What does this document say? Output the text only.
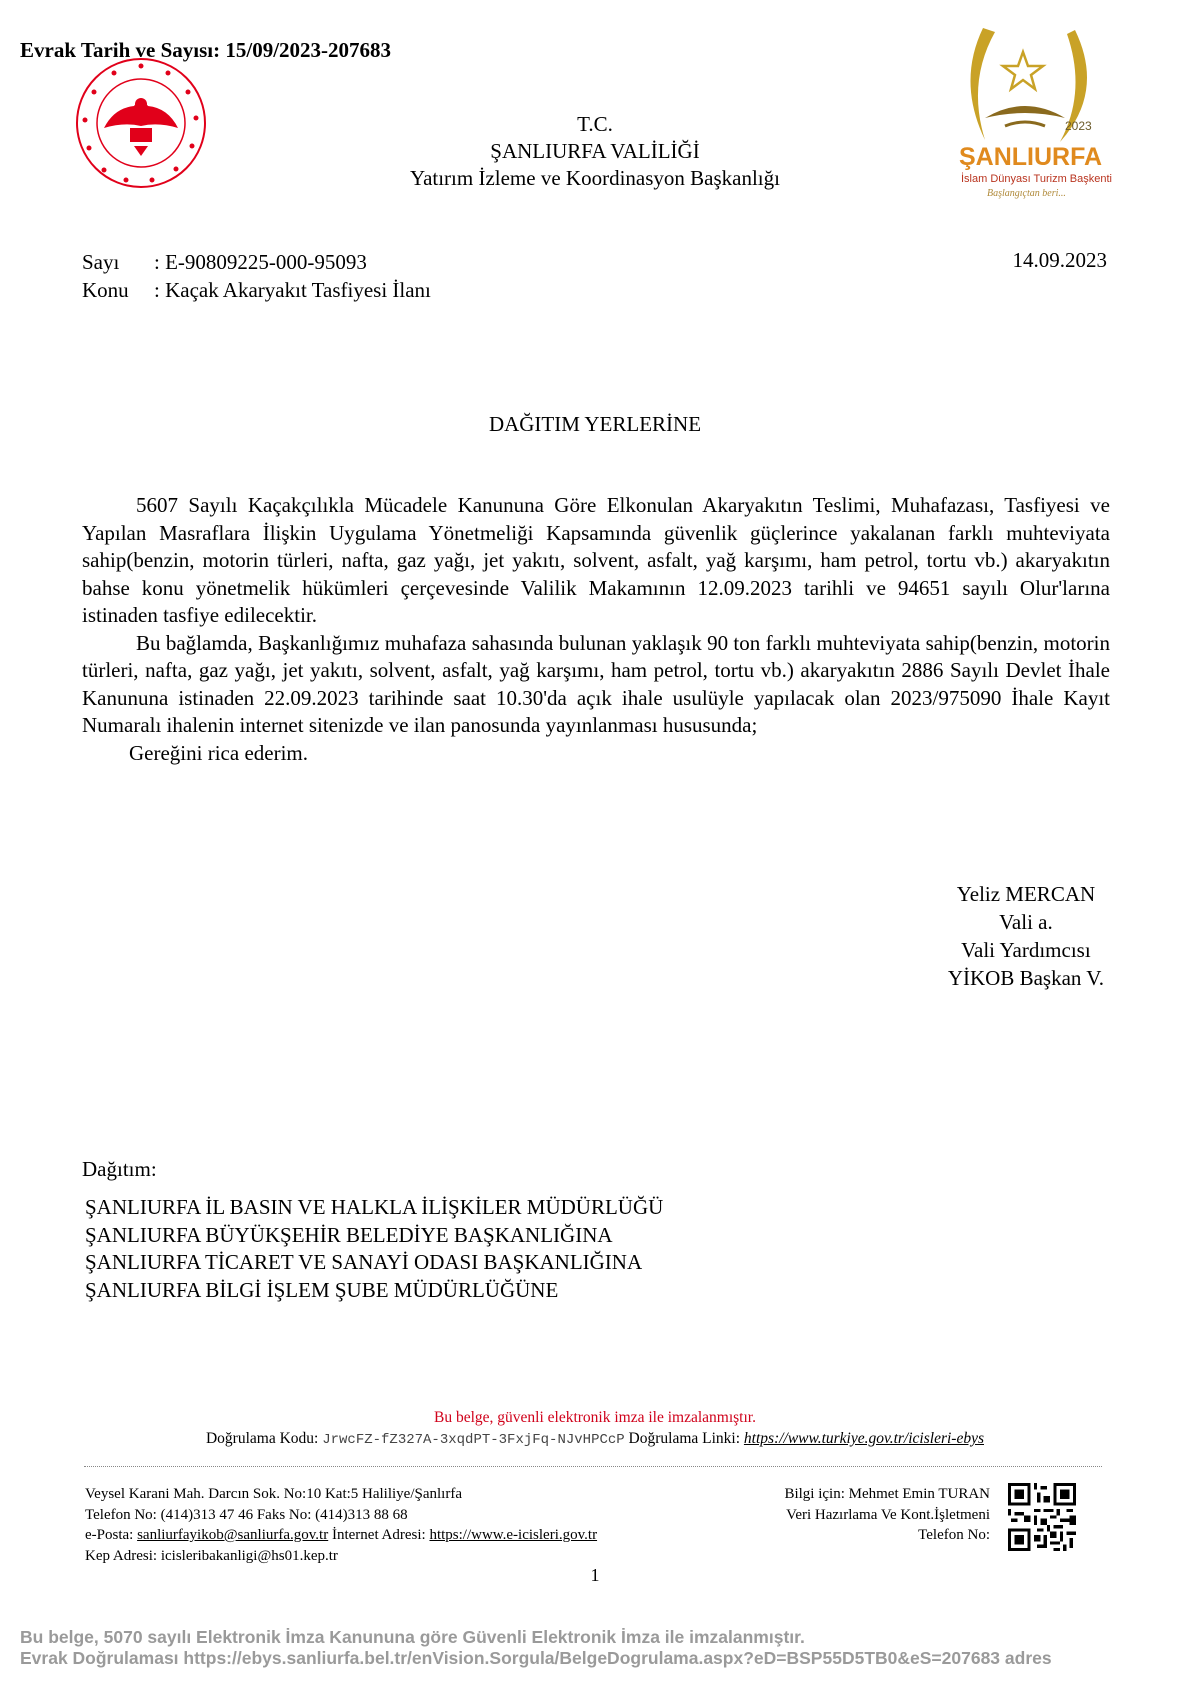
Evrak Tarih ve Sayısı: 15/09/2023-207683
2023
ŞANLIURFA
İslam Dünyası Turizm Başkenti
Başlangıçtan beri...
T.C.
ŞANLIURFA VALİLİĞİ
Yatırım İzleme ve Koordinasyon Başkanlığı
Sayı	: E-90809225-000-95093
Konu	: Kaçak Akaryakıt Tasfiyesi İlanı
14.09.2023
DAĞITIM YERLERİNE

5607 Sayılı Kaçakçılıkla Mücadele Kanununa Göre Elkonulan Akaryakıtın Teslimi, Muhafazası, Tasfiyesi ve Yapılan Masraflara İlişkin Uygulama Yönetmeliği Kapsamında güvenlik güçlerince yakalanan farklı muhteviyata sahip(benzin, motorin türleri, nafta, gaz yağı, jet yakıtı, solvent, asfalt, yağ karşımı, ham petrol, tortu vb.) akaryakıtın bahse konu yönetmelik hükümleri çerçevesinde Valilik Makamının 12.09.2023 tarihli ve 94651 sayılı Olur'larına istinaden tasfiye edilecektir.

Bu bağlamda, Başkanlığımız muhafaza sahasında bulunan yaklaşık 90 ton farklı muhteviyata sahip(benzin, motorin türleri, nafta, gaz yağı, jet yakıtı, solvent, asfalt, yağ karşımı, ham petrol, tortu vb.) akaryakıtın 2886 Sayılı Devlet İhale Kanununa istinaden 22.09.2023 tarihinde saat 10.30'da açık ihale usulüyle yapılacak olan 2023/975090 İhale Kayıt Numaralı ihalenin internet sitenizde ve ilan panosunda yayınlanması hususunda;

Gereğini rica ederim.

Yeliz MERCAN
Vali a.
Vali Yardımcısı
YİKOB Başkan V.
Dağıtım:
ŞANLIURFA İL BASIN VE HALKLA İLİŞKİLER MÜDÜRLÜĞÜ
ŞANLIURFA BÜYÜKŞEHİR BELEDİYE BAŞKANLIĞINA
ŞANLIURFA TİCARET VE SANAYİ ODASI BAŞKANLIĞINA
ŞANLIURFA BİLGİ İŞLEM ŞUBE MÜDÜRLÜĞÜNE
Bu belge, güvenli elektronik imza ile imzalanmıştır.
Doğrulama Kodu: JrwcFZ-fZ327A-3xqdPT-3FxjFq-NJvHPCcP Doğrulama Linki: https://www.turkiye.gov.tr/icisleri-ebys
Veysel Karani Mah. Darcın Sok. No:10 Kat:5 Haliliye/Şanlırfa
Telefon No: (414)313 47 46 Faks No: (414)313 88 68
e-Posta: sanliurfayikob@sanliurfa.gov.tr İnternet Adresi: https://www.e-icisleri.gov.tr
Kep Adresi: icisleribakanligi@hs01.kep.tr
Bilgi için: Mehmet Emin TURAN
Veri Hazırlama Ve Kont.İşletmeni
Telefon No:
1
Bu belge, 5070 sayılı Elektronik İmza Kanununa göre Güvenli Elektronik İmza ile imzalanmıştır.
Evrak Doğrulaması https://ebys.sanliurfa.bel.tr/enVision.Sorgula/BelgeDogrulama.aspx?eD=BSP55D5TB0&eS=207683 adres
